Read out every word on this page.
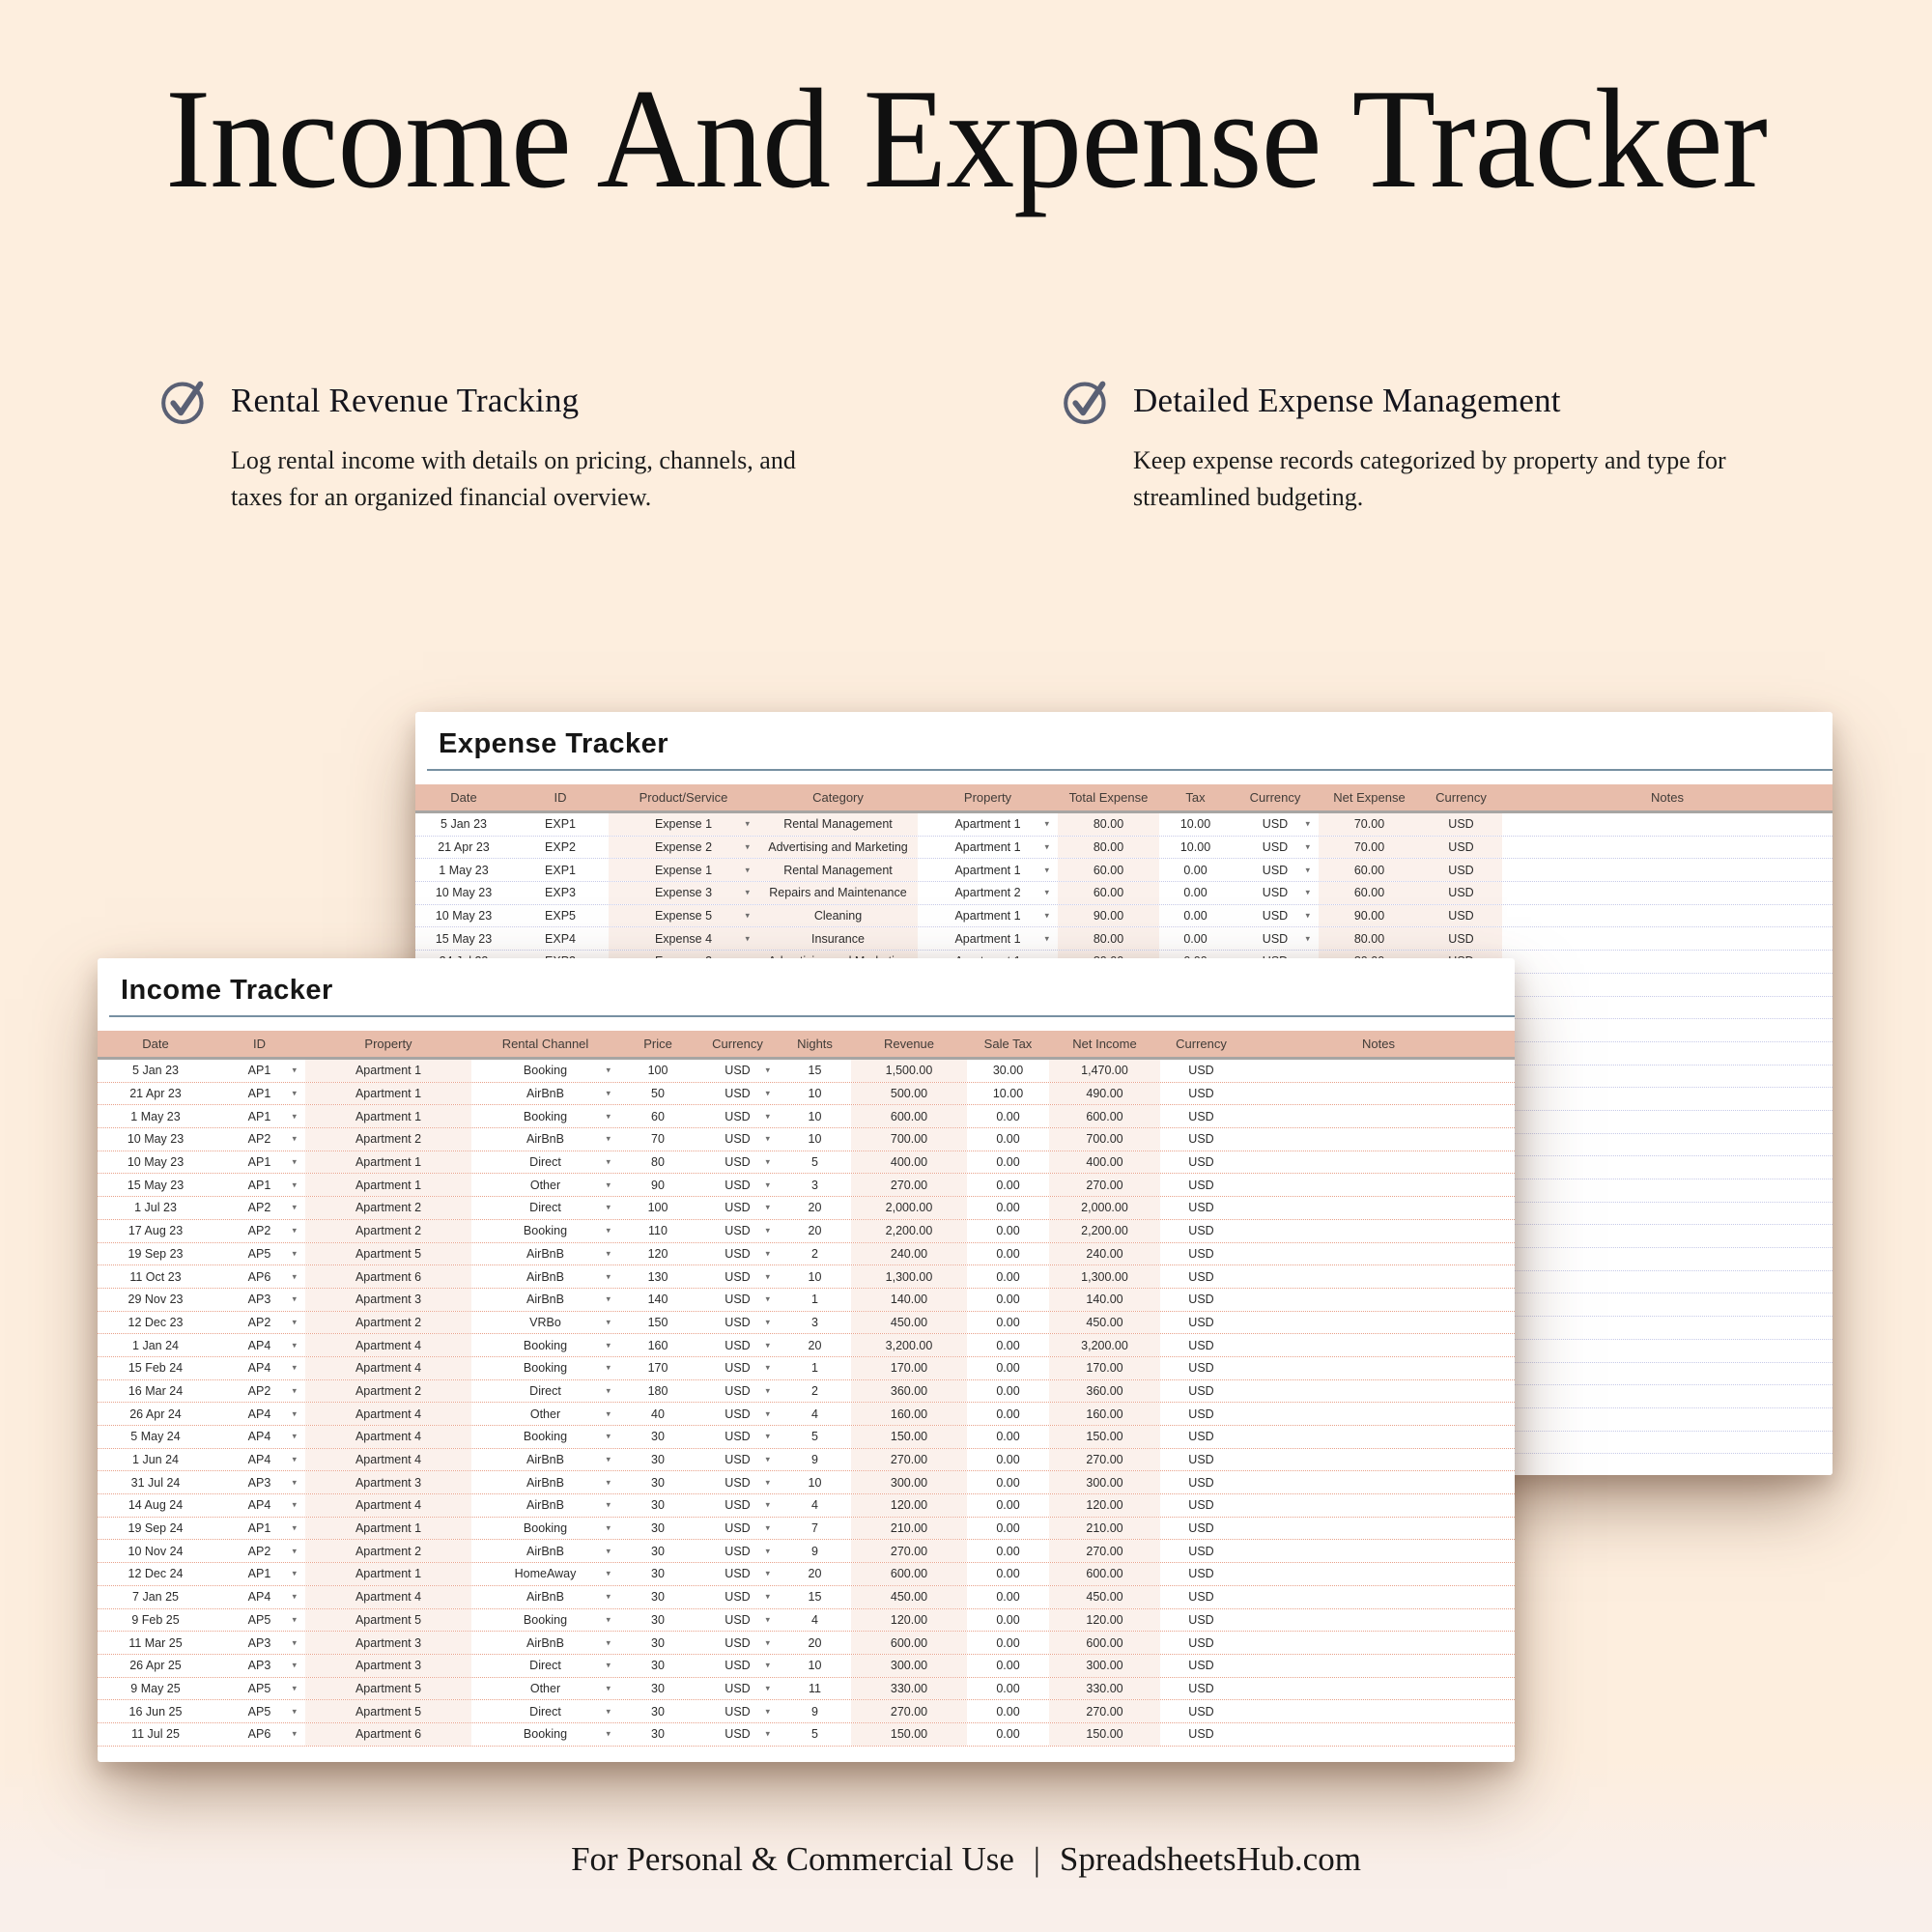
Income And Expense Tracker
Rental Revenue Tracking

Log rental income with details on pricing, channels, and taxes for an organized financial overview.

Detailed Expense Management

Keep expense records categorized by property and type for streamlined budgeting.

Expense Tracker
Date	ID	Product/Service	Category	Property	Total Expense	Tax	Currency	Net Expense	Currency	Notes
5 Jan 23	EXP1	Expense 1	▾	Rental Management	Apartment 1	▾	80.00	10.00	USD ▾	70.00	USD
21 Apr 23	EXP2	Expense 2	▾ Advertising and Marketing	Apartment 1	▾	80.00	10.00	USD ▾	70.00	USD
1 May 23	EXP1	Expense 1	▾	Rental Management	Apartment 1	▾	60.00	0.00	USD ▾	60.00	USD
10 May 23	EXP3	Expense 3	▾ Repairs and Maintenance	Apartment 2	▾	60.00	0.00	USD ▾	60.00	USD
10 May 23	EXP5	Expense 5	▾	Cleaning	Apartment 1	▾	90.00	0.00	USD ▾	90.00	USD
15 May 23	EXP4	Expense 4	▾	Insurance	Apartment 1	▾	80.00	0.00	USD ▾	80.00	USD
Income Tracker
Date	ID	Property	Rental Channel	Price	Currency	Nights	Revenue	Sale Tax	Net Income	Currency	Notes
5 Jan 23	AP1 ▾	Apartment 1	Booking	▾	100	USD ▾	15	1,500.00	30.00	1,470.00	USD
21 Apr 23	AP1 ▾	Apartment 1	AirBnB	▾	50	USD ▾	10	500.00	10.00	490.00	USD
1 May 23	AP1 ▾	Apartment 1	Booking	▾	60	USD ▾	10	600.00	0.00	600.00	USD
10 May 23	AP2 ▾	Apartment 2	AirBnB	▾	70	USD ▾	10	700.00	0.00	700.00	USD
10 May 23	AP1 ▾	Apartment 1	Direct	▾	80	USD ▾	5	400.00	0.00	400.00	USD
15 May 23	AP1 ▾	Apartment 1	Other	▾	90	USD ▾	3	270.00	0.00	270.00	USD
1 Jul 23	AP2 ▾	Apartment 2	Direct	▾	100	USD ▾	20	2,000.00	0.00	2,000.00	USD
17 Aug 23	AP2 ▾	Apartment 2	Booking	▾	110	USD ▾	20	2,200.00	0.00	2,200.00	USD
19 Sep 23	AP5 ▾	Apartment 5	AirBnB	▾	120	USD ▾	2	240.00	0.00	240.00	USD
11 Oct 23	AP6 ▾	Apartment 6	AirBnB	▾	130	USD ▾	10	1,300.00	0.00	1,300.00	USD
29 Nov 23	AP3 ▾	Apartment 3	AirBnB	▾	140	USD ▾	1	140.00	0.00	140.00	USD
12 Dec 23	AP2 ▾	Apartment 2	VRBo	▾	150	USD ▾	3	450.00	0.00	450.00	USD
1 Jan 24	AP4 ▾	Apartment 4	Booking	▾	160	USD ▾	20	3,200.00	0.00	3,200.00	USD
15 Feb 24	AP4 ▾	Apartment 4	Booking	▾	170	USD ▾	1	170.00	0.00	170.00	USD
16 Mar 24	AP2 ▾	Apartment 2	Direct	▾	180	USD ▾	2	360.00	0.00	360.00	USD
26 Apr 24	AP4 ▾	Apartment 4	Other	▾	40	USD ▾	4	160.00	0.00	160.00	USD
5 May 24	AP4 ▾	Apartment 4	Booking	▾	30	USD ▾	5	150.00	0.00	150.00	USD
1 Jun 24	AP4 ▾	Apartment 4	AirBnB	▾	30	USD ▾	9	270.00	0.00	270.00	USD
31 Jul 24	AP3 ▾	Apartment 3	AirBnB	▾	30	USD ▾	10	300.00	0.00	300.00	USD
14 Aug 24	AP4 ▾	Apartment 4	AirBnB	▾	30	USD ▾	4	120.00	0.00	120.00	USD
19 Sep 24	AP1 ▾	Apartment 1	Booking	▾	30	USD ▾	7	210.00	0.00	210.00	USD
10 Nov 24	AP2 ▾	Apartment 2	AirBnB	▾	30	USD ▾	9	270.00	0.00	270.00	USD
12 Dec 24	AP1 ▾	Apartment 1	HomeAway	▾	30	USD ▾	20	600.00	0.00	600.00	USD
7 Jan 25	AP4 ▾	Apartment 4	AirBnB	▾	30	USD ▾	15	450.00	0.00	450.00	USD
9 Feb 25	AP5 ▾	Apartment 5	Booking	▾	30	USD ▾	4	120.00	0.00	120.00	USD
11 Mar 25	AP3 ▾	Apartment 3	AirBnB	▾	30	USD ▾	20	600.00	0.00	600.00	USD
26 Apr 25	AP3 ▾	Apartment 3	Direct	▾	30	USD ▾	10	300.00	0.00	300.00	USD
9 May 25	AP5 ▾	Apartment 5	Other	▾	30	USD ▾	11	330.00	0.00	330.00	USD
16 Jun 25	AP5 ▾	Apartment 5	Direct	▾	30	USD ▾	9	270.00	0.00	270.00	USD
11 Jul 25	AP6 ▾	Apartment 6	Booking	▾	30	USD ▾	5	150.00	0.00	150.00	USD
For Personal & Commercial Use | SpreadsheetsHub.com
